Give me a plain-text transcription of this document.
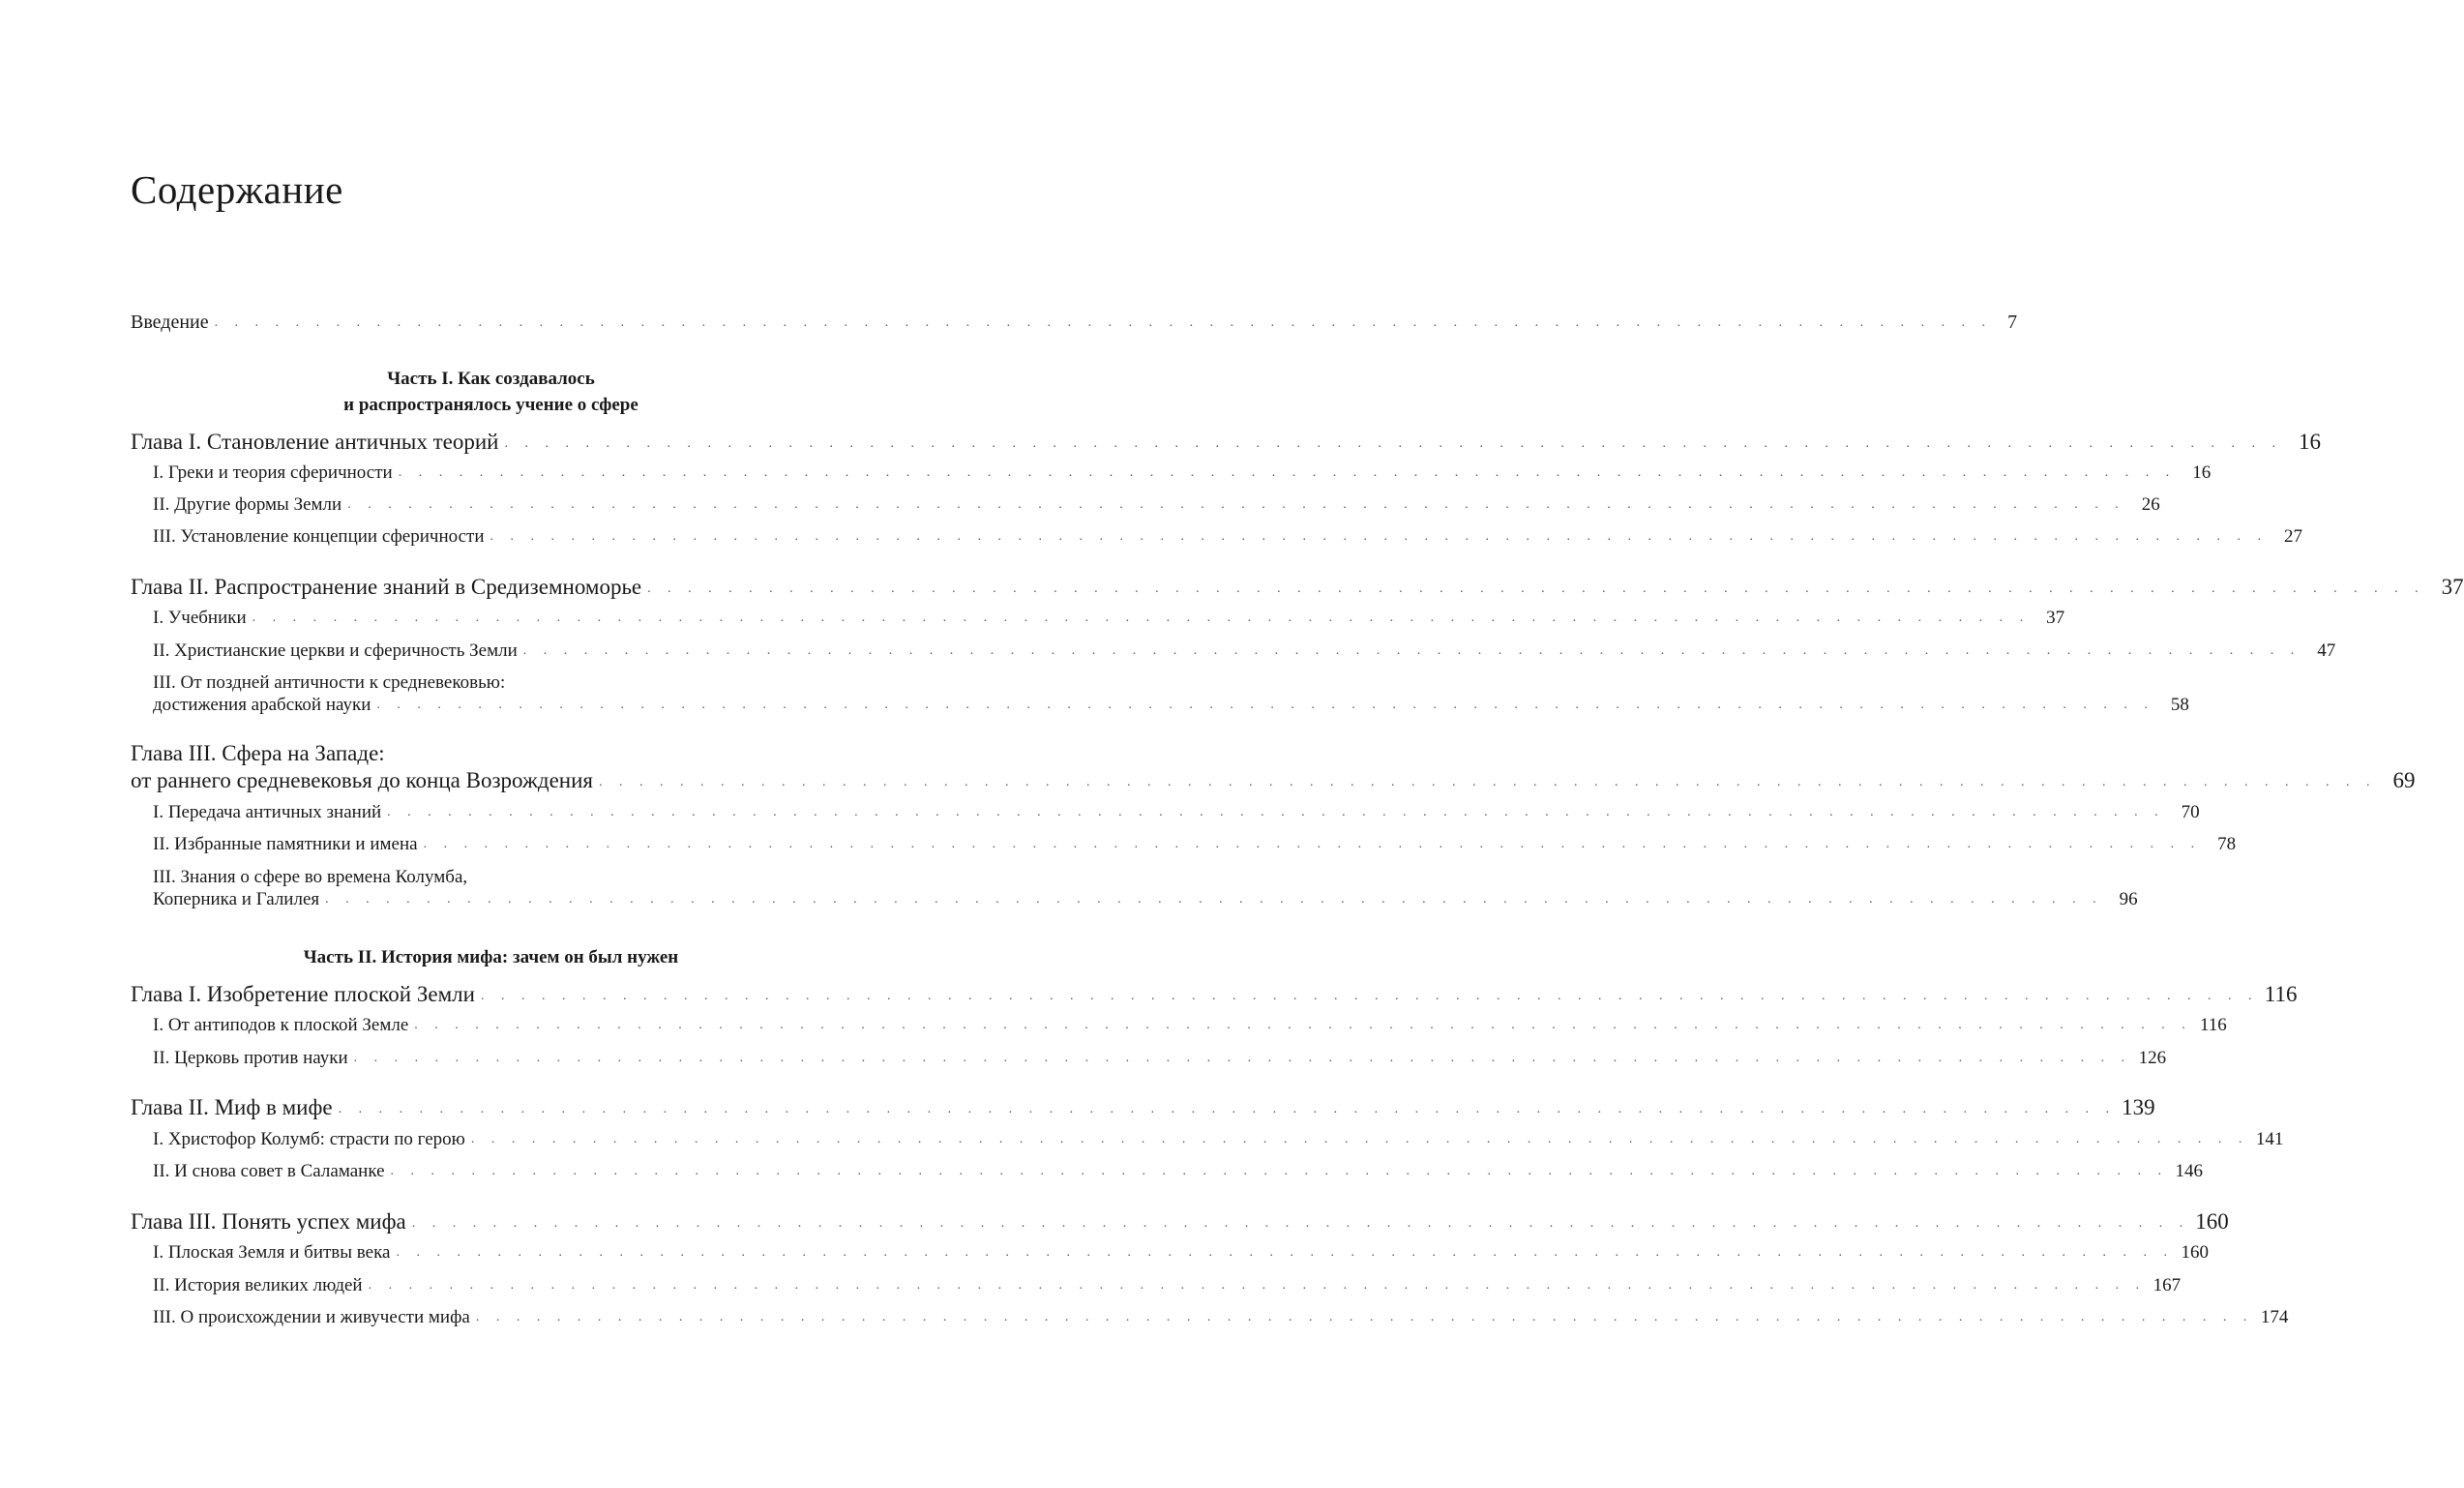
Содержание
Введение . . . . . . . . . . . . . . . . . . . . . . . . . . . . . . . . . . . . . . . . . . . . . . . . . . . . . . . . . . . . . . . . . . . . . . . . . . . . . . . . . . . . . . . . 7
Часть I. Как создавалось
и распространялось учение о сфере
Глава I. Становление античных теорий . . . . . . . . . . . . . . . . . . . . . . . . . . . . . . . . . . . . . . . . . . . . . . . . . . . . . . . . . . . . . . . . . . . . . . . . . . . . . . . . . . . . . . . . 16
I. Греки и теория сферичности . . . . . . . . . . . . . . . . . . . . . . . . . . . . . . . . . . . . . . . . . . . . . . . . . . . . . . . . . . . . . . . . . . . . . . . . . . . . . . . . . . . . . . . . 16
II. Другие формы Земли . . . . . . . . . . . . . . . . . . . . . . . . . . . . . . . . . . . . . . . . . . . . . . . . . . . . . . . . . . . . . . . . . . . . . . . . . . . . . . . . . . . . . . . . 26
III. Установление концепции сферичности . . . . . . . . . . . . . . . . . . . . . . . . . . . . . . . . . . . . . . . . . . . . . . . . . . . . . . . . . . . . . . . . . . . . . . . . . . . . . . . . . . . . . . . . 27
Глава II. Распространение знаний в Средиземноморье . . . . . . . . . . . . . . . . . . . . . . . . . . . . . . . . . . . . . . . . . . . . . . . . . . . . . . . . . . . . . . . . . . . . . . . . . . . . . . . . . . . . . . . . 37
I. Учебники . . . . . . . . . . . . . . . . . . . . . . . . . . . . . . . . . . . . . . . . . . . . . . . . . . . . . . . . . . . . . . . . . . . . . . . . . . . . . . . . . . . . . . . . 37
II. Христианские церкви и сферичность Земли . . . . . . . . . . . . . . . . . . . . . . . . . . . . . . . . . . . . . . . . . . . . . . . . . . . . . . . . . . . . . . . . . . . . . . . . . . . . . . . . . . . . . . . . 47
III. От поздней античности к средневековью:
достижения арабской науки . . . . . . . . . . . . . . . . . . . . . . . . . . . . . . . . . . . . . . . . . . . . . . . . . . . . . . . . . . . . . . . . . . . . . . . . . . . . . . . . . . . . . . . . 58
Глава III. Сфера на Западе:
от раннего средневековья до конца Возрождения . . . . . . . . . . . . . . . . . . . . . . . . . . . . . . . . . . . . . . . . . . . . . . . . . . . . . . . . . . . . . . . . . . . . . . . . . . . . . . . . . . . . . . . . 69
I. Передача античных знаний . . . . . . . . . . . . . . . . . . . . . . . . . . . . . . . . . . . . . . . . . . . . . . . . . . . . . . . . . . . . . . . . . . . . . . . . . . . . . . . . . . . . . . . . 70
II. Избранные памятники и имена . . . . . . . . . . . . . . . . . . . . . . . . . . . . . . . . . . . . . . . . . . . . . . . . . . . . . . . . . . . . . . . . . . . . . . . . . . . . . . . . . . . . . . . . 78
III. Знания о сфере во времена Колумба,
Коперника и Галилея . . . . . . . . . . . . . . . . . . . . . . . . . . . . . . . . . . . . . . . . . . . . . . . . . . . . . . . . . . . . . . . . . . . . . . . . . . . . . . . . . . . . . . . . 96
Часть II. История мифа: зачем он был нужен
Глава I. Изобретение плоской Земли . . . . . . . . . . . . . . . . . . . . . . . . . . . . . . . . . . . . . . . . . . . . . . . . . . . . . . . . . . . . . . . . . . . . . . . . . . . . . . . . . . . . . . . . 116
I. От антиподов к плоской Земле . . . . . . . . . . . . . . . . . . . . . . . . . . . . . . . . . . . . . . . . . . . . . . . . . . . . . . . . . . . . . . . . . . . . . . . . . . . . . . . . . . . . . . . . 116
II. Церковь против науки . . . . . . . . . . . . . . . . . . . . . . . . . . . . . . . . . . . . . . . . . . . . . . . . . . . . . . . . . . . . . . . . . . . . . . . . . . . . . . . . . . . . . . . . 126
Глава II. Миф в мифе . . . . . . . . . . . . . . . . . . . . . . . . . . . . . . . . . . . . . . . . . . . . . . . . . . . . . . . . . . . . . . . . . . . . . . . . . . . . . . . . . . . . . . . . 139
I. Христофор Колумб: страсти по герою . . . . . . . . . . . . . . . . . . . . . . . . . . . . . . . . . . . . . . . . . . . . . . . . . . . . . . . . . . . . . . . . . . . . . . . . . . . . . . . . . . . . . . . . 141
II. И снова совет в Саламанке . . . . . . . . . . . . . . . . . . . . . . . . . . . . . . . . . . . . . . . . . . . . . . . . . . . . . . . . . . . . . . . . . . . . . . . . . . . . . . . . . . . . . . . . 146
Глава III. Понять успех мифа . . . . . . . . . . . . . . . . . . . . . . . . . . . . . . . . . . . . . . . . . . . . . . . . . . . . . . . . . . . . . . . . . . . . . . . . . . . . . . . . . . . . . . . . 160
I. Плоская Земля и битвы века . . . . . . . . . . . . . . . . . . . . . . . . . . . . . . . . . . . . . . . . . . . . . . . . . . . . . . . . . . . . . . . . . . . . . . . . . . . . . . . . . . . . . . . . 160
II. История великих людей . . . . . . . . . . . . . . . . . . . . . . . . . . . . . . . . . . . . . . . . . . . . . . . . . . . . . . . . . . . . . . . . . . . . . . . . . . . . . . . . . . . . . . . . 167
III. О происхождении и живучести мифа . . . . . . . . . . . . . . . . . . . . . . . . . . . . . . . . . . . . . . . . . . . . . . . . . . . . . . . . . . . . . . . . . . . . . . . . . . . . . . . . . . . . . . . . 174
